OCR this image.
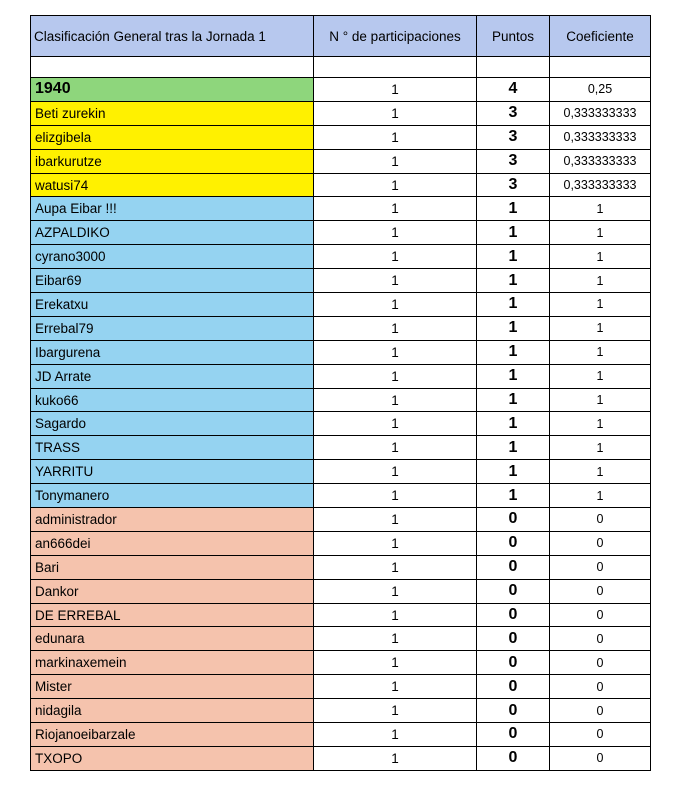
Clasificación General tras la Jornada 1	N ° de participaciones	Puntos	Coeficiente

1940	1	4	0,25
Beti zurekin	1	3	0,333333333
elizgibela	1	3	0,333333333
ibarkurutze	1	3	0,333333333
watusi74	1	3	0,333333333
Aupa Eibar !!!	1	1	1
AZPALDIKO	1	1	1
cyrano3000	1	1	1
Eibar69	1	1	1
Erekatxu	1	1	1
Errebal79	1	1	1
Ibargurena	1	1	1
JD Arrate	1	1	1
kuko66	1	1	1
Sagardo	1	1	1
TRASS	1	1	1
YARRITU	1	1	1
Tonymanero	1	1	1
administrador	1	0	0
an666dei	1	0	0
Bari	1	0	0
Dankor	1	0	0
DE ERREBAL	1	0	0
edunara	1	0	0
markinaxemein	1	0	0
Mister	1	0	0
nidagila	1	0	0
Riojanoeibarzale	1	0	0
TXOPO	1	0	0
